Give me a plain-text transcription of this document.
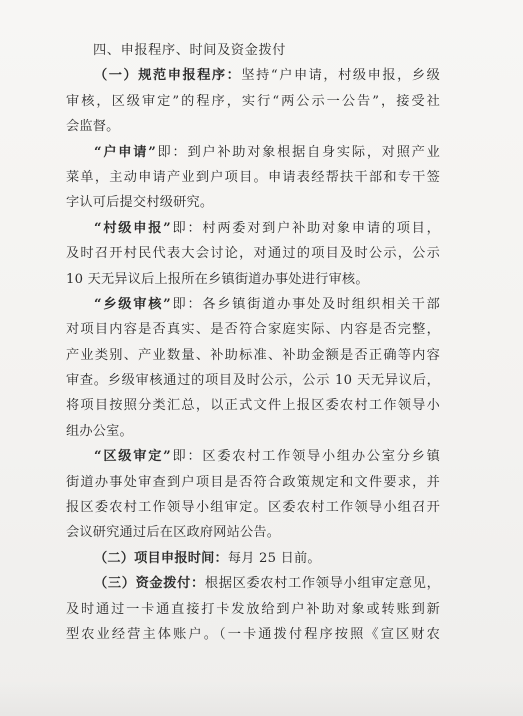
四、申报程序、时间及资金拨付
（一）规范申报程序：坚持“户申请，村级申报，乡级
审核，区级审定”的程序，实行“两公示一公告”，接受社
会监督。
“户申请”即：到户补助对象根据自身实际，对照产业
菜单，主动申请产业到户项目。申请表经帮扶干部和专干签
字认可后提交村级研究。
“村级申报”即：村两委对到户补助对象申请的项目，
及时召开村民代表大会讨论，对通过的项目及时公示，公示
10 天无异议后上报所在乡镇街道办事处进行审核。
“乡级审核”即：各乡镇街道办事处及时组织相关干部
对项目内容是否真实、是否符合家庭实际、内容是否完整，
产业类别、产业数量、补助标准、补助金额是否正确等内容
审查。乡级审核通过的项目及时公示，公示 10 天无异议后，
将项目按照分类汇总，以正式文件上报区委农村工作领导小
组办公室。
“区级审定”即：区委农村工作领导小组办公室分乡镇
街道办事处审查到户项目是否符合政策规定和文件要求，并
报区委农村工作领导小组审定。区委农村工作领导小组召开
会议研究通过后在区政府网站公告。
（二）项目申报时间：每月 25 日前。
（三）资金拨付：根据区委农村工作领导小组审定意见，
及时通过一卡通直接打卡发放给到户补助对象或转账到新
型农业经营主体账户。（一卡通拨付程序按照《宣区财农
